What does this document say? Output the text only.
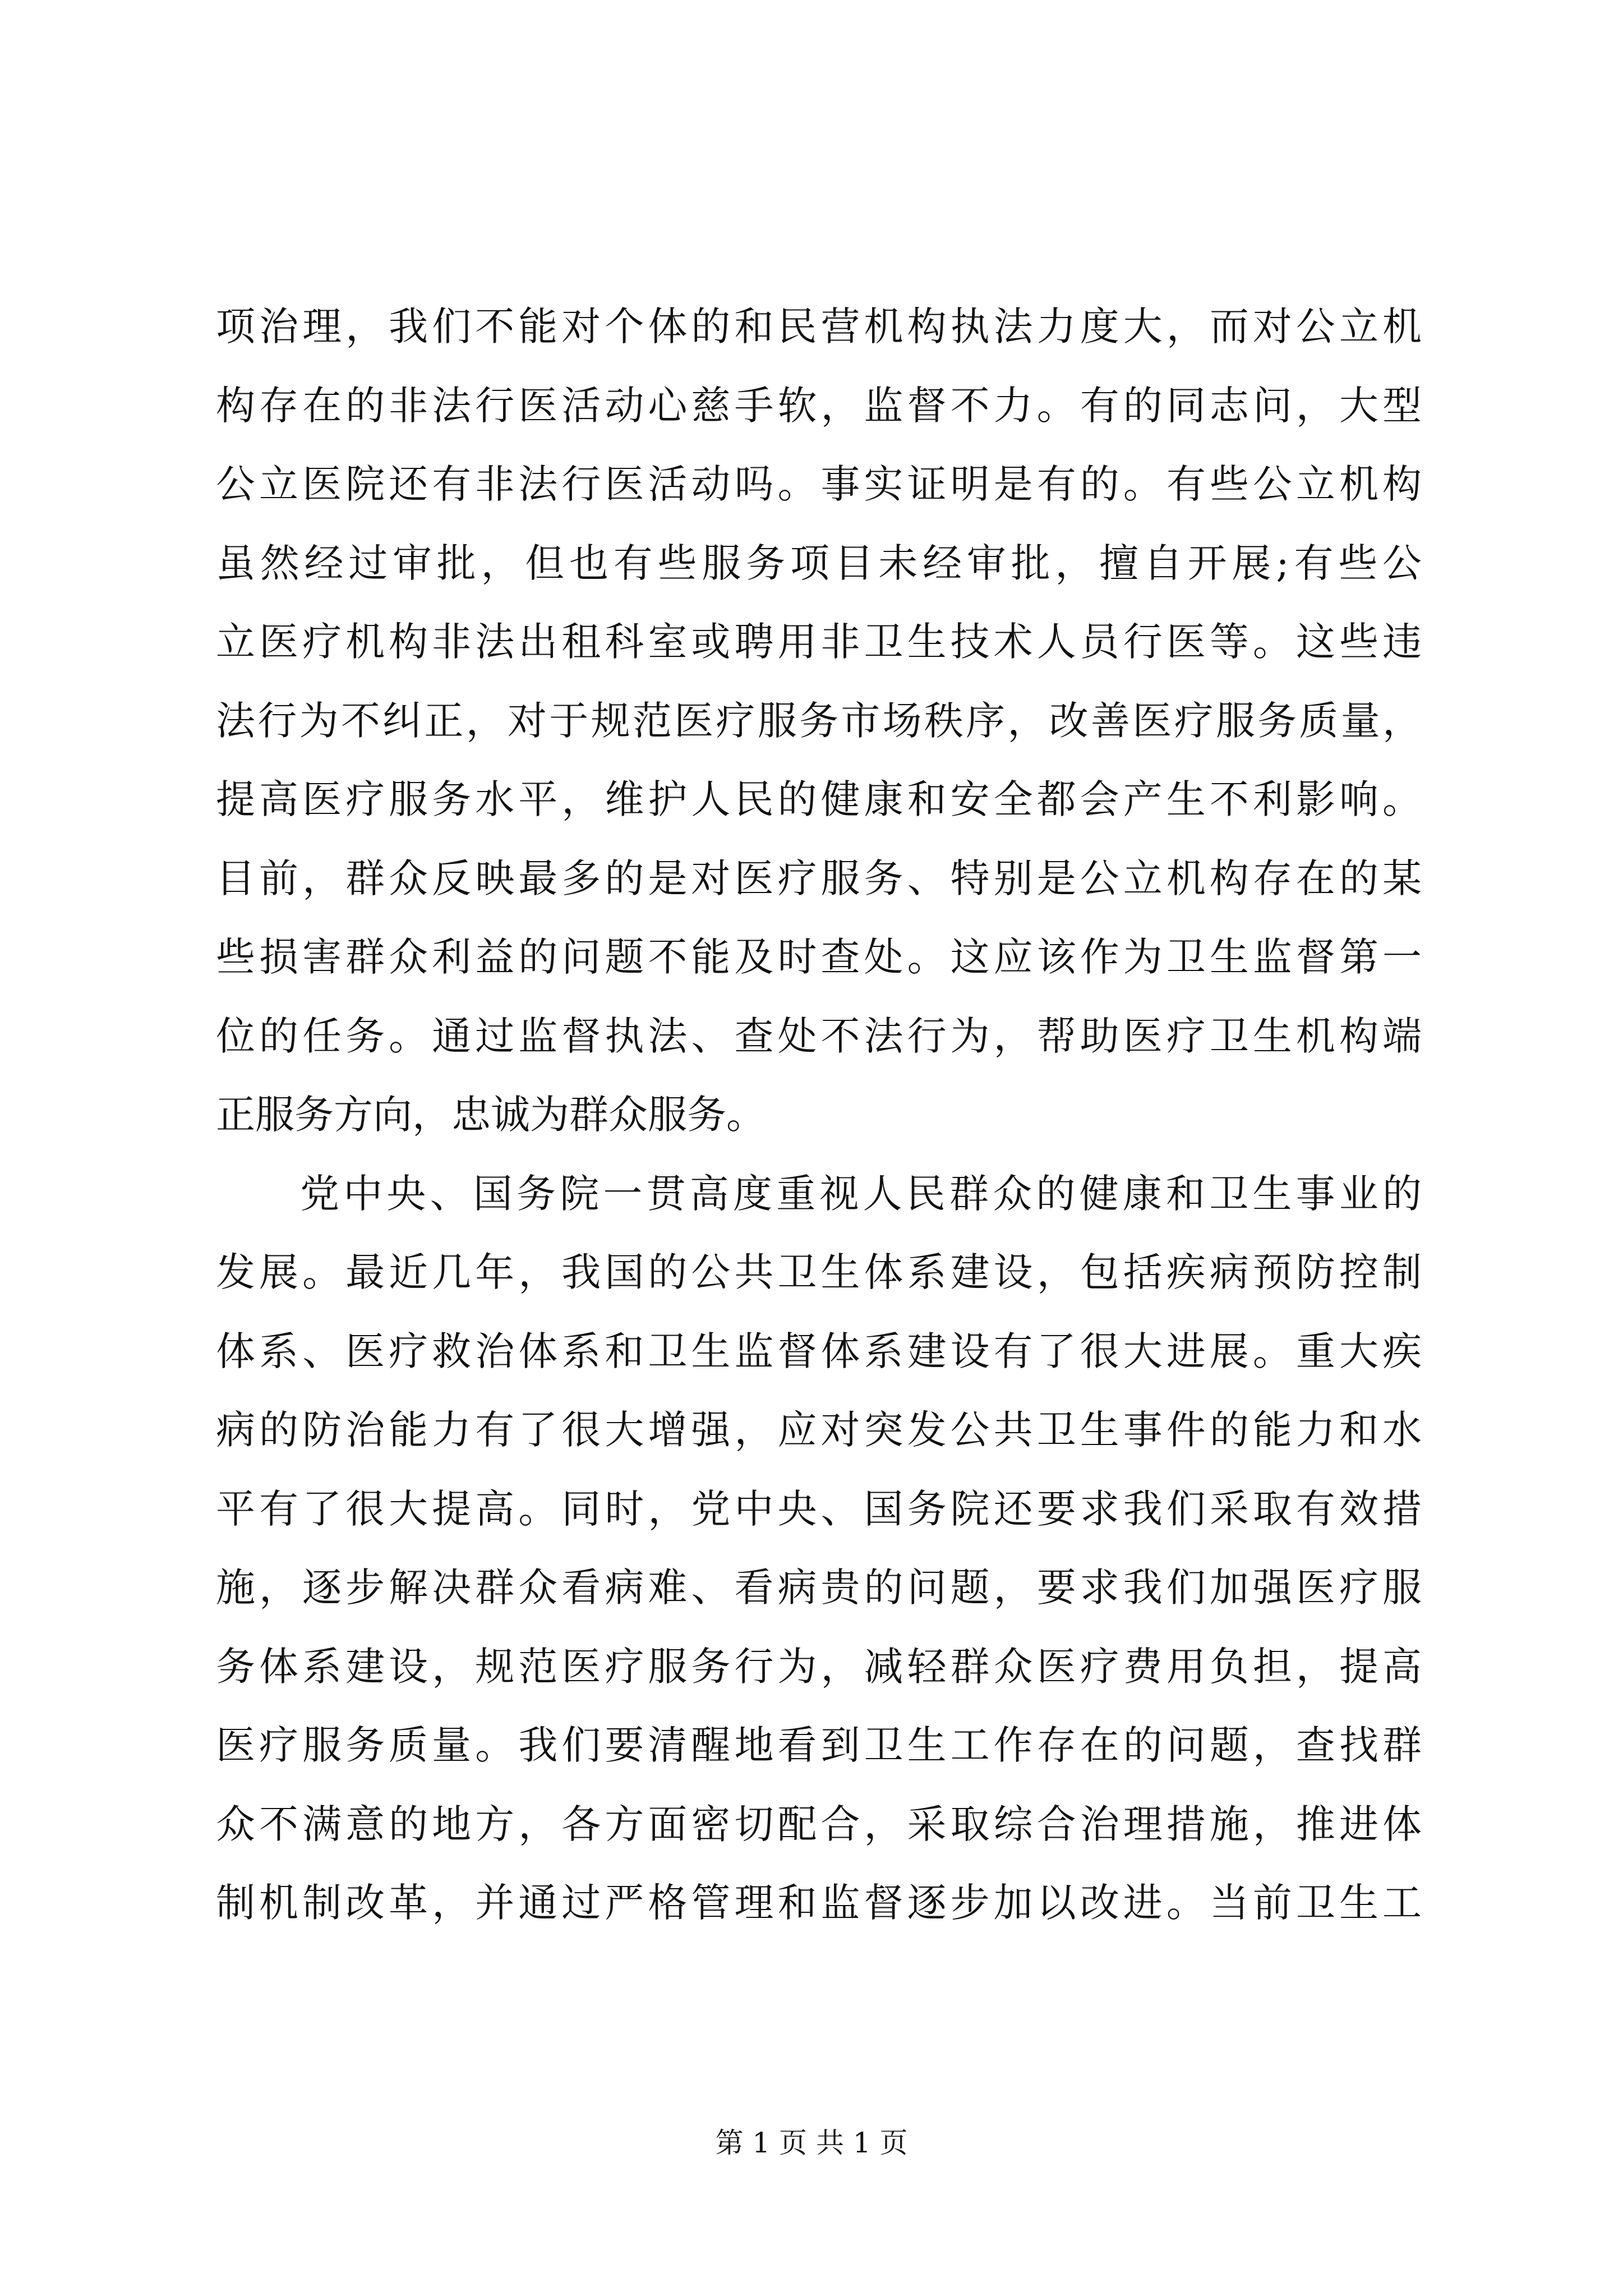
项治理，我们不能对个体的和民营机构执法力度大，而对公立机
构存在的非法行医活动心慈手软，监督不力。有的同志问，大型
公立医院还有非法行医活动吗。事实证明是有的。有些公立机构
虽然经过审批，但也有些服务项目未经审批，擅自开展;有些公
立医疗机构非法出租科室或聘用非卫生技术人员行医等。这些违
法行为不纠正，对于规范医疗服务市场秩序，改善医疗服务质量，
提高医疗服务水平，维护人民的健康和安全都会产生不利影响。
目前，群众反映最多的是对医疗服务、特别是公立机构存在的某
些损害群众利益的问题不能及时查处。这应该作为卫生监督第一
位的任务。通过监督执法、查处不法行为，帮助医疗卫生机构端
正服务方向，忠诚为群众服务。
党中央、国务院一贯高度重视人民群众的健康和卫生事业的
发展。最近几年，我国的公共卫生体系建设，包括疾病预防控制
体系、医疗救治体系和卫生监督体系建设有了很大进展。重大疾
病的防治能力有了很大增强，应对突发公共卫生事件的能力和水
平有了很大提高。同时，党中央、国务院还要求我们采取有效措
施，逐步解决群众看病难、看病贵的问题，要求我们加强医疗服
务体系建设，规范医疗服务行为，减轻群众医疗费用负担，提高
医疗服务质量。我们要清醒地看到卫生工作存在的问题，查找群
众不满意的地方，各方面密切配合，采取综合治理措施，推进体
制机制改革，并通过严格管理和监督逐步加以改进。当前卫生工
第 1 页 共 1 页
